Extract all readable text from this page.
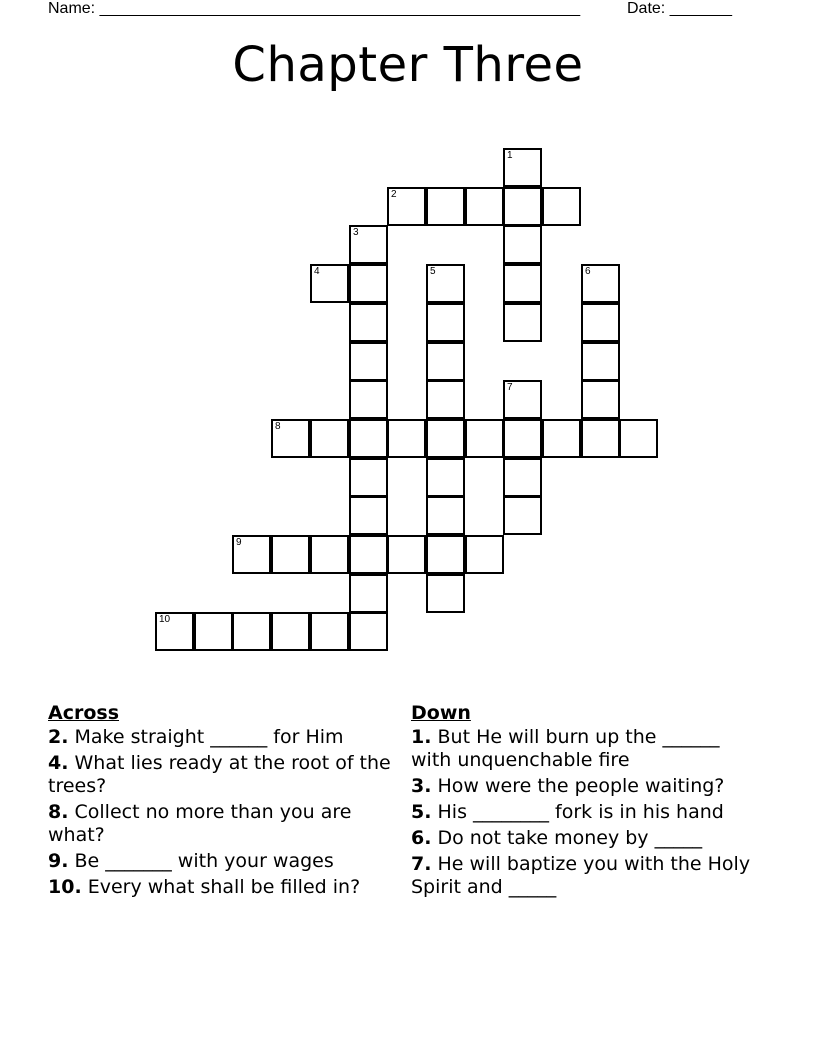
Name: ______________________________________________________	Date: _______
Chapter Three
1
2
3
4	5	6
7
8
9
10
Across
2. Make straight ______ for Him
4. What lies ready at the root of the trees?
8. Collect no more than you are what?
9. Be _______ with your wages
10. Every what shall be filled in?
Down
1. But He will burn up the ______ with unquenchable fire
3. How were the people waiting?
5. His ________ fork is in his hand
6. Do not take money by _____
7. He will baptize you with the Holy Spirit and _____
